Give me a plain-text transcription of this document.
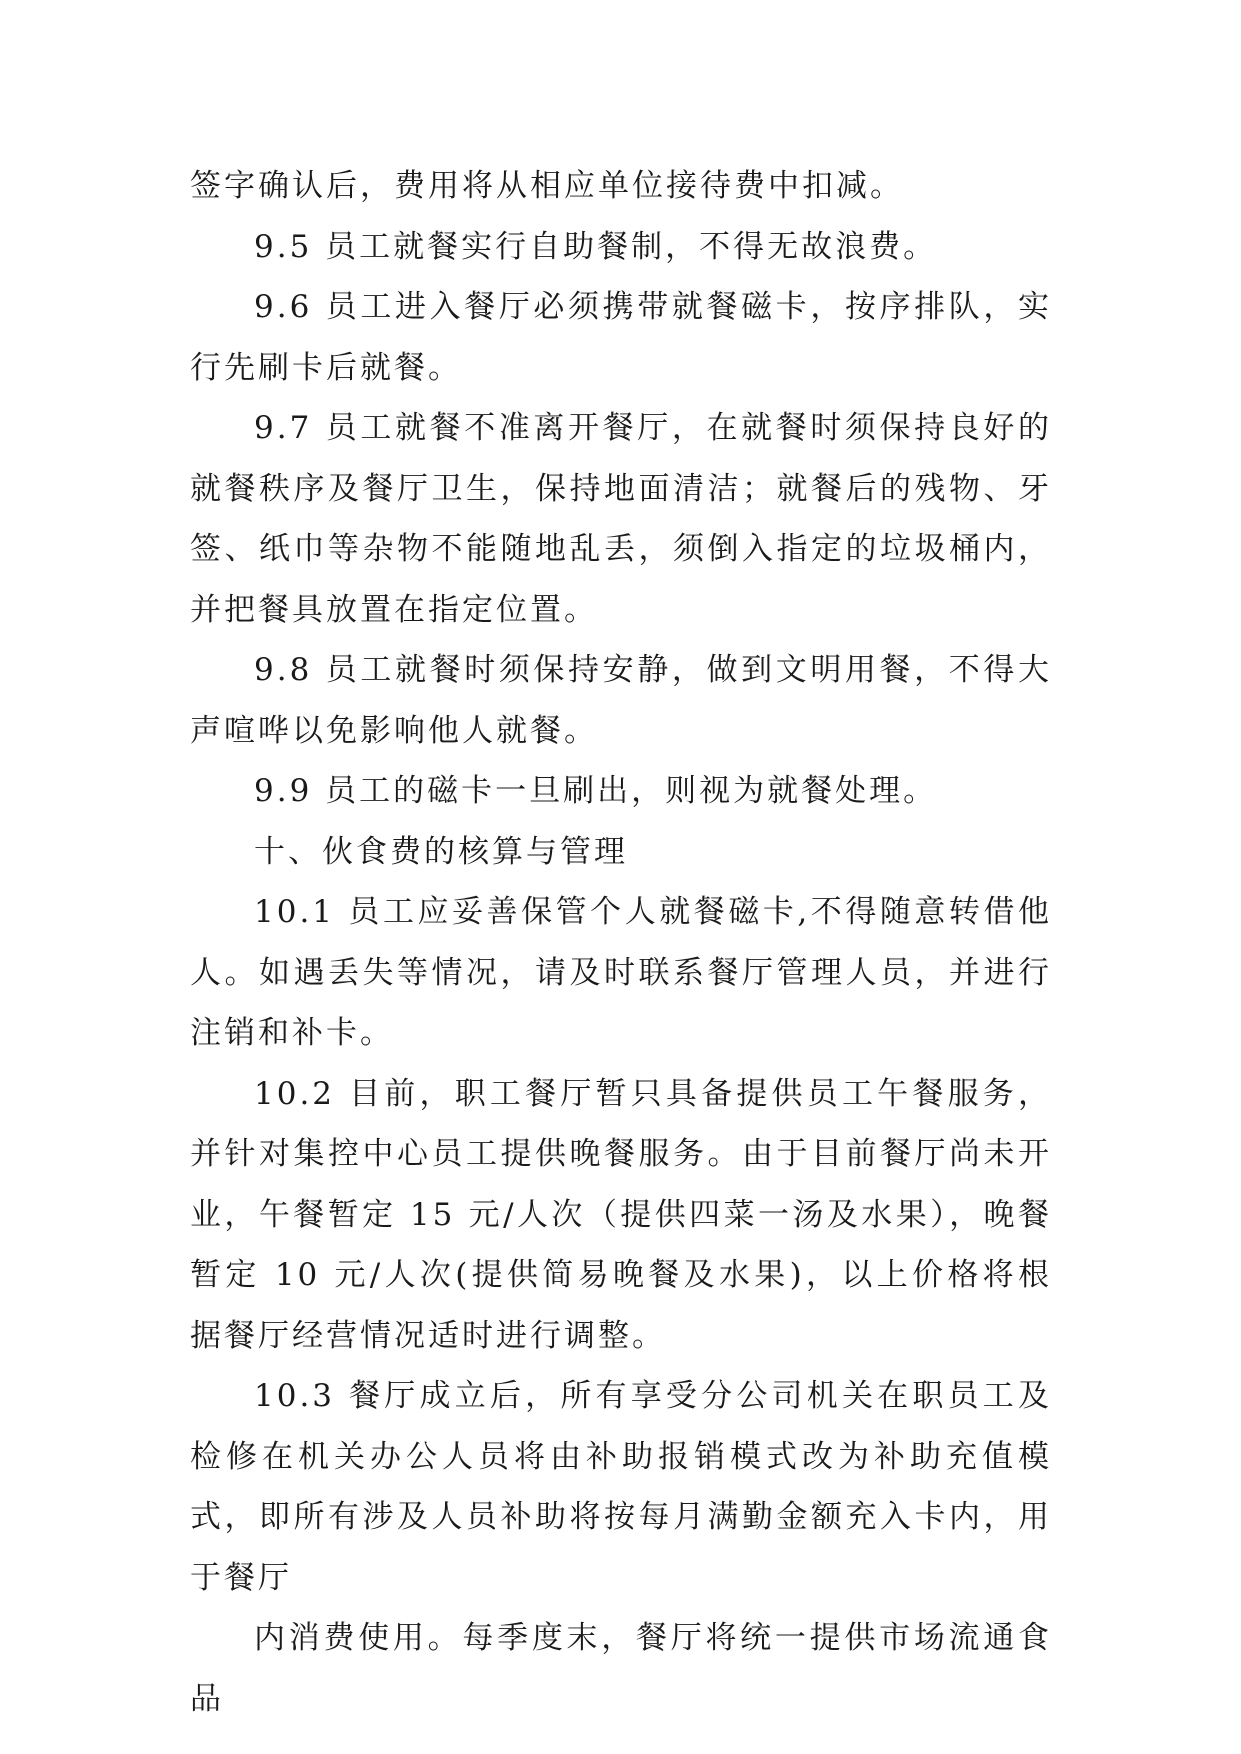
签字确认后，费用将从相应单位接待费中扣减。

9.5 员工就餐实行自助餐制，不得无故浪费。

9.6 员工进入餐厅必须携带就餐磁卡，按序排队，实行先刷卡后就餐。

9.7 员工就餐不准离开餐厅，在就餐时须保持良好的就餐秩序及餐厅卫生，保持地面清洁；就餐后的残物、牙签、纸巾等杂物不能随地乱丢，须倒入指定的垃圾桶内，并把餐具放置在指定位置。

9.8 员工就餐时须保持安静，做到文明用餐，不得大声喧哗以免影响他人就餐。

9.9 员工的磁卡一旦刷出，则视为就餐处理。

十、伙食费的核算与管理

10.1 员工应妥善保管个人就餐磁卡,不得随意转借他人。如遇丢失等情况，请及时联系餐厅管理人员，并进行注销和补卡。

10.2 目前，职工餐厅暂只具备提供员工午餐服务，并针对集控中心员工提供晚餐服务。由于目前餐厅尚未开业，午餐暂定 15 元/人次（提供四菜一汤及水果），晚餐暂定 10 元/人次(提供简易晚餐及水果)，以上价格将根据餐厅经营情况适时进行调整。

10.3 餐厅成立后，所有享受分公司机关在职员工及检修在机关办公人员将由补助报销模式改为补助充值模式，即所有涉及人员补助将按每月满勤金额充入卡内，用于餐厅

内消费使用。每季度末，餐厅将统一提供市场流通食品
